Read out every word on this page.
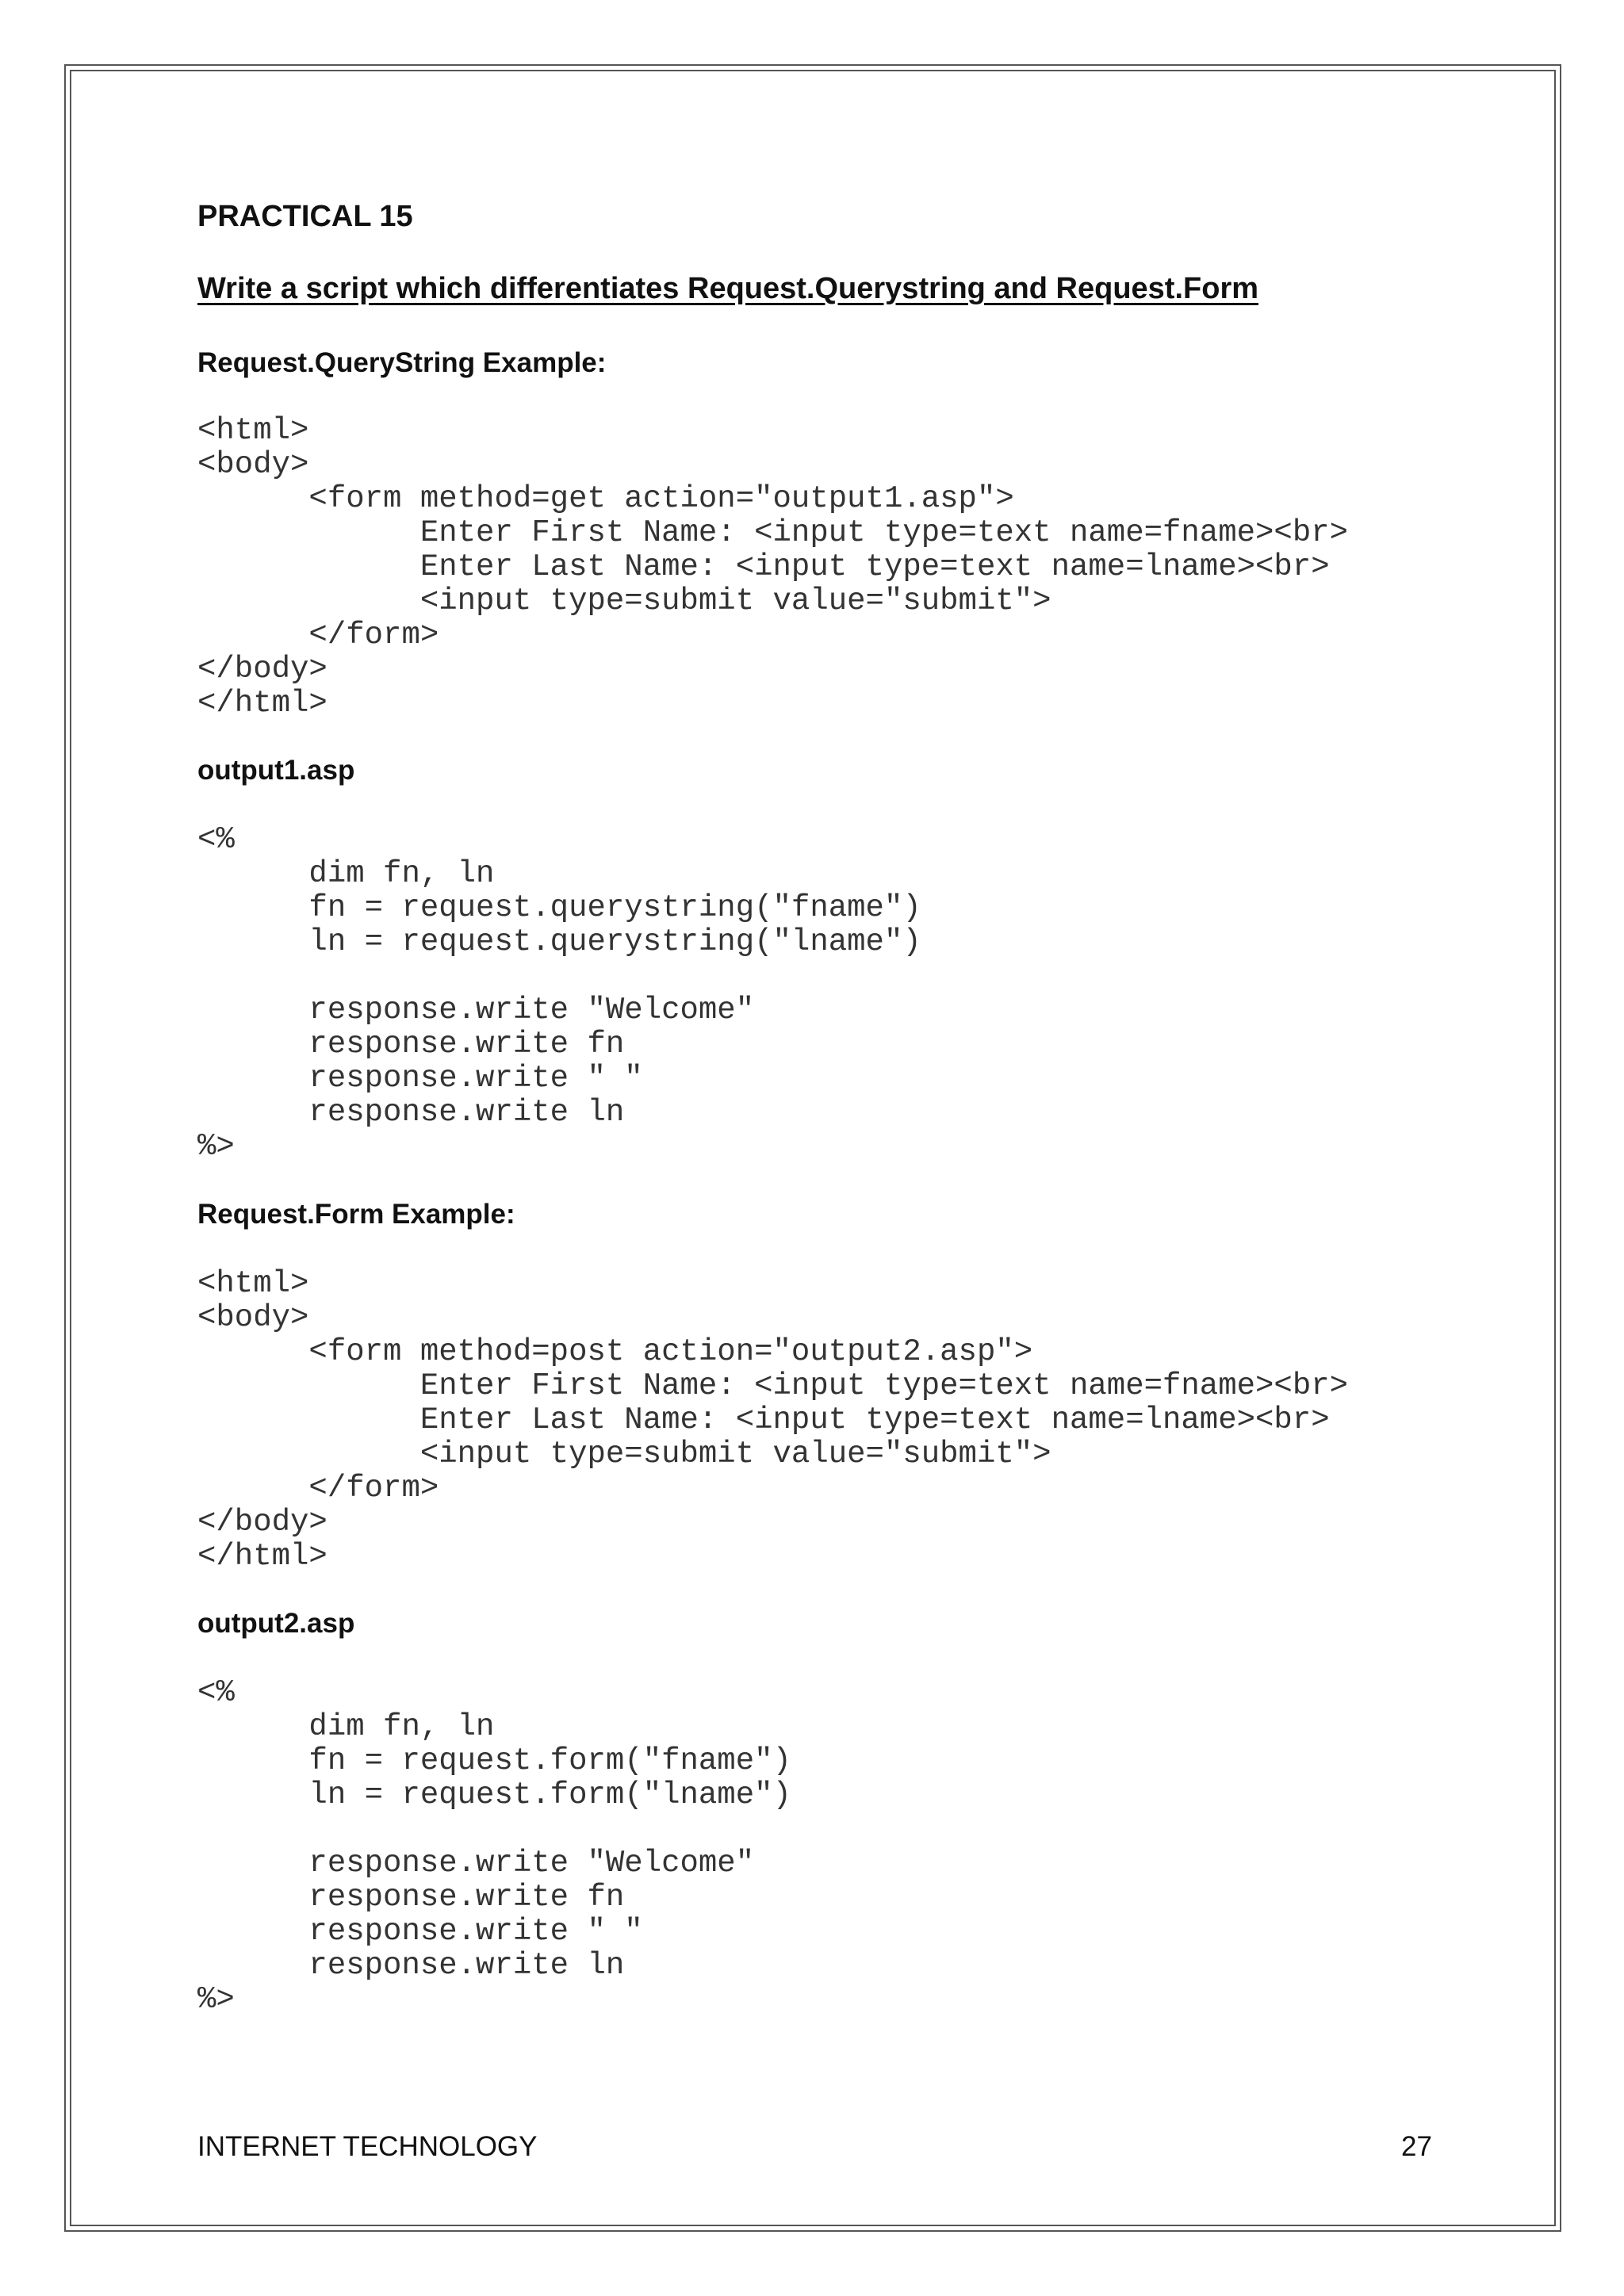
PRACTICAL 15
Write a script which differentiates Request.Querystring and Request.Form
Request.QueryString Example:
<html>
<body>
<form method=get action="output1.asp">
Enter First Name: <input type=text name=fname><br>
Enter Last Name: <input type=text name=lname><br>
<input type=submit value="submit">
</form>
</body>
</html>
output1.asp
<%
dim fn, ln
fn = request.querystring("fname")
ln = request.querystring("lname")

response.write "Welcome"
response.write fn
response.write " "
response.write ln
%>
Request.Form Example:
<html>
<body>
<form method=post action="output2.asp">
Enter First Name: <input type=text name=fname><br>
Enter Last Name: <input type=text name=lname><br>
<input type=submit value="submit">
</form>
</body>
</html>
output2.asp
<%
dim fn, ln
fn = request.form("fname")
ln = request.form("lname")

response.write "Welcome"
response.write fn
response.write " "
response.write ln
%>
INTERNET TECHNOLOGY	27
